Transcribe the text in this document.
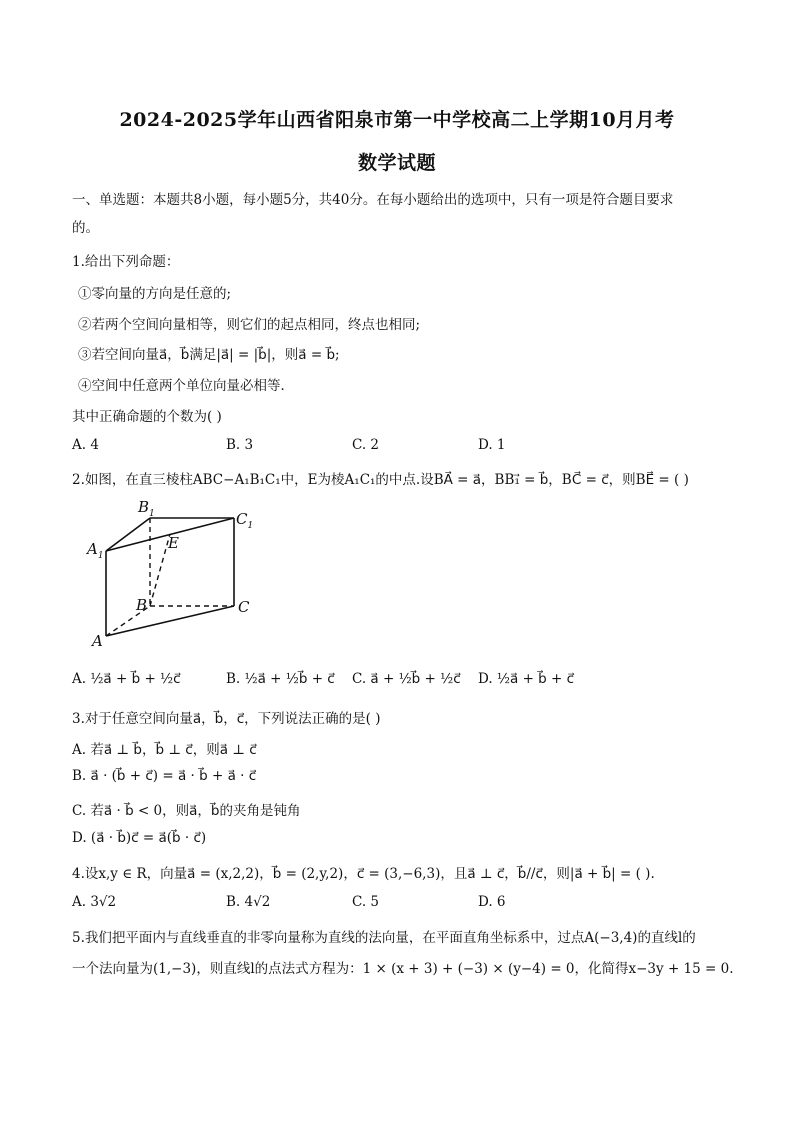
2024-2025学年山西省阳泉市第一中学校高二上学期10月月考
数学试题
一、单选题：本题共8小题，每小题5分，共40分。在每小题给出的选项中，只有一项是符合题目要求
的。
1.给出下列命题：
①零向量的方向是任意的;
②若两个空间向量相等，则它们的起点相同，终点也相同;
③若空间向量a⃗，b⃗满足|a⃗| = |b⃗|，则a⃗ = b⃗;
④空间中任意两个单位向量必相等．
其中正确命题的个数为( )
A. 4	B. 3	C. 2	D. 1
2.如图，在直三棱柱ABC−A₁B₁C₁中，E为棱A₁C₁的中点.设BA⃗ = a⃗，BB₁⃗ = b⃗，BC⃗ = c⃗，则BE⃗ = ( )
$B_1$	$C_1$
$A_1$
E
B	C
A
A. ½a⃗ + b⃗ + ½c⃗	B. ½a⃗ + ½b⃗ + c⃗ C. a⃗ + ½b⃗ + ½c⃗ D. ½a⃗ + b⃗ + c⃗
3.对于任意空间向量a⃗，b⃗，c⃗，下列说法正确的是( )
A. 若a⃗ ⊥ b⃗，b⃗ ⊥ c⃗，则a⃗ ⊥ c⃗
B. a⃗ · (b⃗ + c⃗) = a⃗ · b⃗ + a⃗ · c⃗
C. 若a⃗ · b⃗ < 0，则a⃗，b⃗的夹角是钝角
D. (a⃗ · b⃗)c⃗ = a⃗(b⃗ · c⃗)
4.设x,y ∈ R，向量a⃗ = (x,2,2)，b⃗ = (2,y,2)，c⃗ = (3,−6,3)，且a⃗ ⊥ c⃗，b⃗//c⃗，则|a⃗ + b⃗| = ( ).
A. 3√2	B. 4√2	C. 5	D. 6
5.我们把平面内与直线垂直的非零向量称为直线的法向量，在平面直角坐标系中，过点A(−3,4)的直线l的
一个法向量为(1,−3)，则直线l的点法式方程为：1 × (x + 3) + (−3) × (y−4) = 0，化简得x−3y + 15 = 0.
